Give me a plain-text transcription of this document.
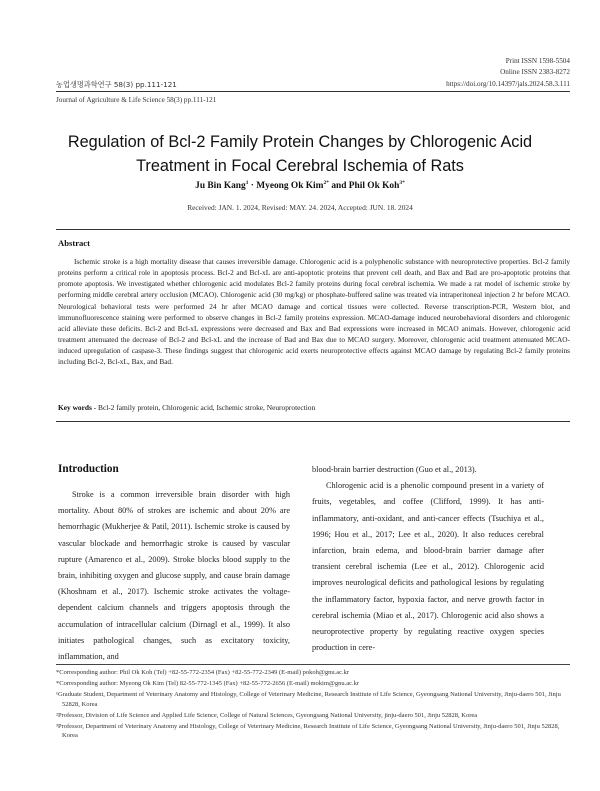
Print ISSN 1598-5504
Online ISSN 2383-8272
농업생명과학연구 58(3) pp.111-121	https://doi.org/10.14397/jals.2024.58.3.111
Journal of Agriculture & Life Science 58(3) pp.111-121
Regulation of Bcl-2 Family Protein Changes by Chlorogenic Acid
Treatment in Focal Cerebral Ischemia of Rats
Ju Bin Kang$^1$ · Myeong Ok Kim$^{2*}$ and Phil Ok Koh$^{3*}$
Received: JAN. 1. 2024, Revised: MAY. 24. 2024, Accepted: JUN. 18. 2024
Abstract
Ischemic stroke is a high mortality disease that causes irreversible damage. Chlorogenic acid is a polyphenolic substance with neuroprotective properties. Bcl-2 family proteins perform a critical role in apoptosis process. Bcl-2 and Bcl-xL are anti-apoptotic proteins that prevent cell death, and Bax and Bad are pro-apoptotic proteins that promote apoptosis. We investigated whether chlorogenic acid modulates Bcl-2 family proteins during focal cerebral ischemia. We made a rat model of ischemic stroke by performing middle cerebral artery occlusion (MCAO). Chlorogenic acid (30 mg/kg) or phosphate-buffered saline was treated via intraperitoneal injection 2 hr before MCAO. Neurological behavioral tests were performed 24 hr after MCAO damage and cortical tissues were collected. Reverse transcription-PCR, Western blot, and immunofluorescence staining were performed to observe changes in Bcl-2 family proteins expression. MCAO-damage induced neurobehavioral disorders and chlorogenic acid alleviate these deficits. Bcl-2 and Bcl-xL expressions were decreased and Bax and Bad expressions were increased in MCAO animals. However, chlorogenic acid treatment attenuated the decrease of Bcl-2 and Bcl-xL and the increase of Bad and Bax due to MCAO surgery. Moreover, chlorogenic acid treatment attenuated MCAO-induced upregulation of caspase-3. These findings suggest that chlorogenic acid exerts neuroprotective effects against MCAO damage by regulating Bcl-2 family proteins including Bcl-2, Bcl-xL, Bax, and Bad.
Key words - Bcl-2 family protein, Chlorogenic acid, Ischemic stroke, Neuroprotection
Introduction

Stroke is a common irreversible brain disorder with high mortality. About 80% of strokes are ischemic and about 20% are hemorrhagic (Mukherjee & Patil, 2011). Ischemic stroke is caused by vascular blockade and hemorrhagic stroke is caused by vascular rupture (Amarenco et al., 2009). Stroke blocks blood supply to the brain, inhibiting oxygen and glucose supply, and cause brain damage (Khoshnam et al., 2017). Ischemic stroke activates the voltage-dependent calcium channels and triggers apoptosis through the accumulation of intracellular calcium (Dirnagl et al., 1999). It also initiates pathological changes, such as excitatory toxicity, inflammation, and

blood-brain barrier destruction (Guo et al., 2013).

Chlorogenic acid is a phenolic compound present in a variety of fruits, vegetables, and coffee (Clifford, 1999). It has anti-inflammatory, anti-oxidant, and anti-cancer effects (Tsuchiya et al., 1996; Hou et al., 2017; Lee et al., 2020). It also reduces cerebral infarction, brain edema, and blood-brain barrier damage after transient cerebral ischemia (Lee et al., 2012). Chlorogenic acid improves neurological deficits and pathological lesions by regulating the inflammatory factor, hypoxia factor, and nerve growth factor in cerebral ischemia (Miao et al., 2017). Chlorogenic acid also shows a neuroprotective property by regulating reactive oxygen species production in cere-

*Corresponding author: Phil Ok Koh (Tel) +82-55-772-2354 (Fax) +82-55-772-2349 (E-mail) pokoh@gnu.ac.kr

*Corresponding author: Myeong Ok Kim (Tel) 82-55-772-1345 (Fax) +82-55-772-2656 (E-mail) mokim@gnu.ac.kr

¹Graduate Student, Department of Veterinary Anatomy and Histology, College of Veterinary Medicine, Research Institute of Life Science, Gyeongsang National University, Jinju-daero 501, Jinju 52828, Korea

²Professor, Division of Life Science and Applied Life Science, College of Natural Sciences, Gyeongsang National University, jinju-daero 501, Jinju 52828, Korea

³Professor, Department of Veterinary Anatomy and Histology, College of Veterinary Medicine, Research Institute of Life Science, Gyeongsang National University, Jinju-daero 501, Jinju 52828, Korea
